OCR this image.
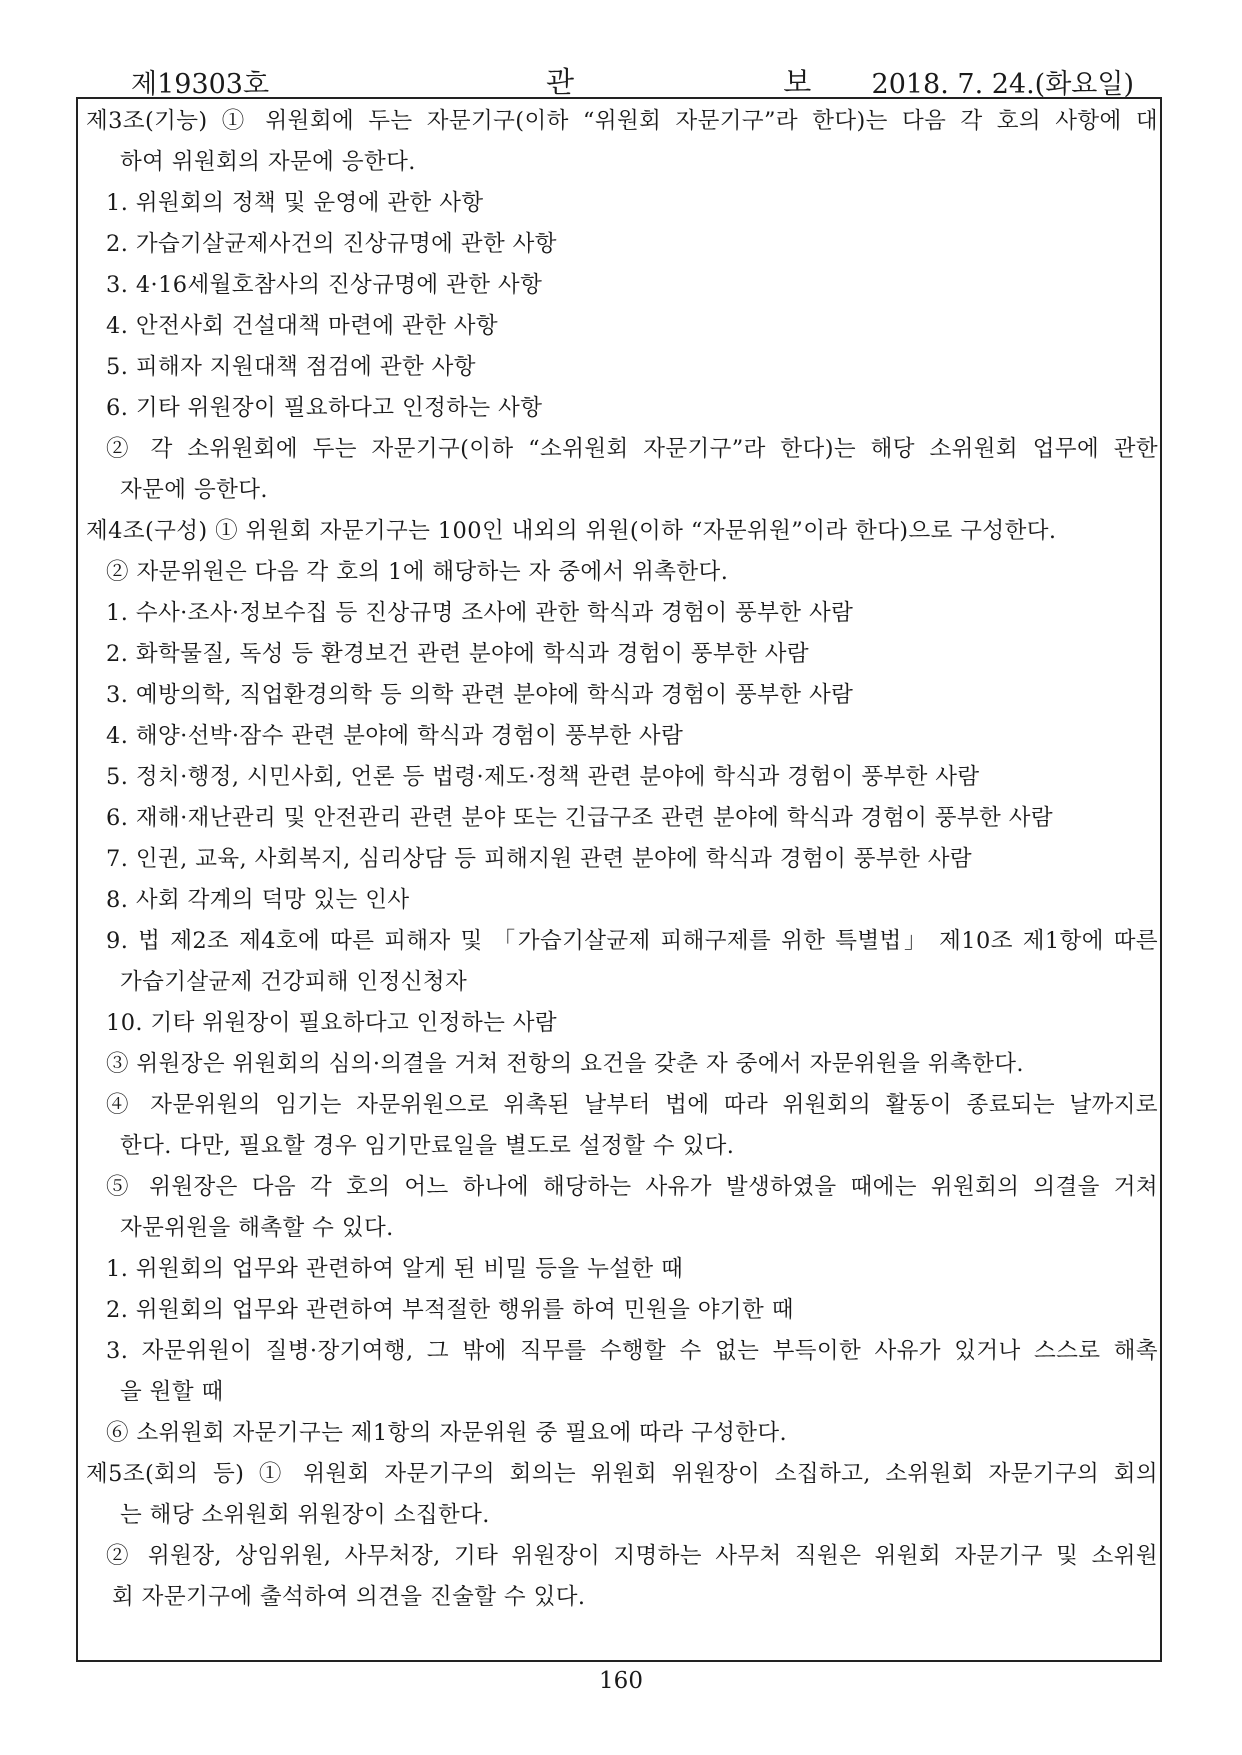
제19303호	관 보
2018. 7. 24.(화요일)
제3조(기능) ① 위원회에 두는 자문기구(이하 “위원회 자문기구”라 한다)는 다음 각 호의 사항에 대
하여 위원회의 자문에 응한다.
1. 위원회의 정책 및 운영에 관한 사항
2. 가습기살균제사건의 진상규명에 관한 사항
3. 4·16세월호참사의 진상규명에 관한 사항
4. 안전사회 건설대책 마련에 관한 사항
5. 피해자 지원대책 점검에 관한 사항
6. 기타 위원장이 필요하다고 인정하는 사항
② 각 소위원회에 두는 자문기구(이하 “소위원회 자문기구”라 한다)는 해당 소위원회 업무에 관한
자문에 응한다.
제4조(구성) ① 위원회 자문기구는 100인 내외의 위원(이하 “자문위원”이라 한다)으로 구성한다.
② 자문위원은 다음 각 호의 1에 해당하는 자 중에서 위촉한다.
1. 수사·조사·정보수집 등 진상규명 조사에 관한 학식과 경험이 풍부한 사람
2. 화학물질, 독성 등 환경보건 관련 분야에 학식과 경험이 풍부한 사람
3. 예방의학, 직업환경의학 등 의학 관련 분야에 학식과 경험이 풍부한 사람
4. 해양·선박·잠수 관련 분야에 학식과 경험이 풍부한 사람
5. 정치·행정, 시민사회, 언론 등 법령·제도·정책 관련 분야에 학식과 경험이 풍부한 사람
6. 재해·재난관리 및 안전관리 관련 분야 또는 긴급구조 관련 분야에 학식과 경험이 풍부한 사람
7. 인권, 교육, 사회복지, 심리상담 등 피해지원 관련 분야에 학식과 경험이 풍부한 사람
8. 사회 각계의 덕망 있는 인사
9. 법 제2조 제4호에 따른 피해자 및 「가습기살균제 피해구제를 위한 특별법」 제10조 제1항에 따른
가습기살균제 건강피해 인정신청자
10. 기타 위원장이 필요하다고 인정하는 사람
③ 위원장은 위원회의 심의·의결을 거쳐 전항의 요건을 갖춘 자 중에서 자문위원을 위촉한다.
④ 자문위원의 임기는 자문위원으로 위촉된 날부터 법에 따라 위원회의 활동이 종료되는 날까지로
한다. 다만, 필요할 경우 임기만료일을 별도로 설정할 수 있다.
⑤ 위원장은 다음 각 호의 어느 하나에 해당하는 사유가 발생하였을 때에는 위원회의 의결을 거쳐
자문위원을 해촉할 수 있다.
1. 위원회의 업무와 관련하여 알게 된 비밀 등을 누설한 때
2. 위원회의 업무와 관련하여 부적절한 행위를 하여 민원을 야기한 때
3. 자문위원이 질병·장기여행, 그 밖에 직무를 수행할 수 없는 부득이한 사유가 있거나 스스로 해촉
을 원할 때
⑥ 소위원회 자문기구는 제1항의 자문위원 중 필요에 따라 구성한다.
제5조(회의 등) ① 위원회 자문기구의 회의는 위원회 위원장이 소집하고, 소위원회 자문기구의 회의
는 해당 소위원회 위원장이 소집한다.
② 위원장, 상임위원, 사무처장, 기타 위원장이 지명하는 사무처 직원은 위원회 자문기구 및 소위원
회 자문기구에 출석하여 의견을 진술할 수 있다.
160
